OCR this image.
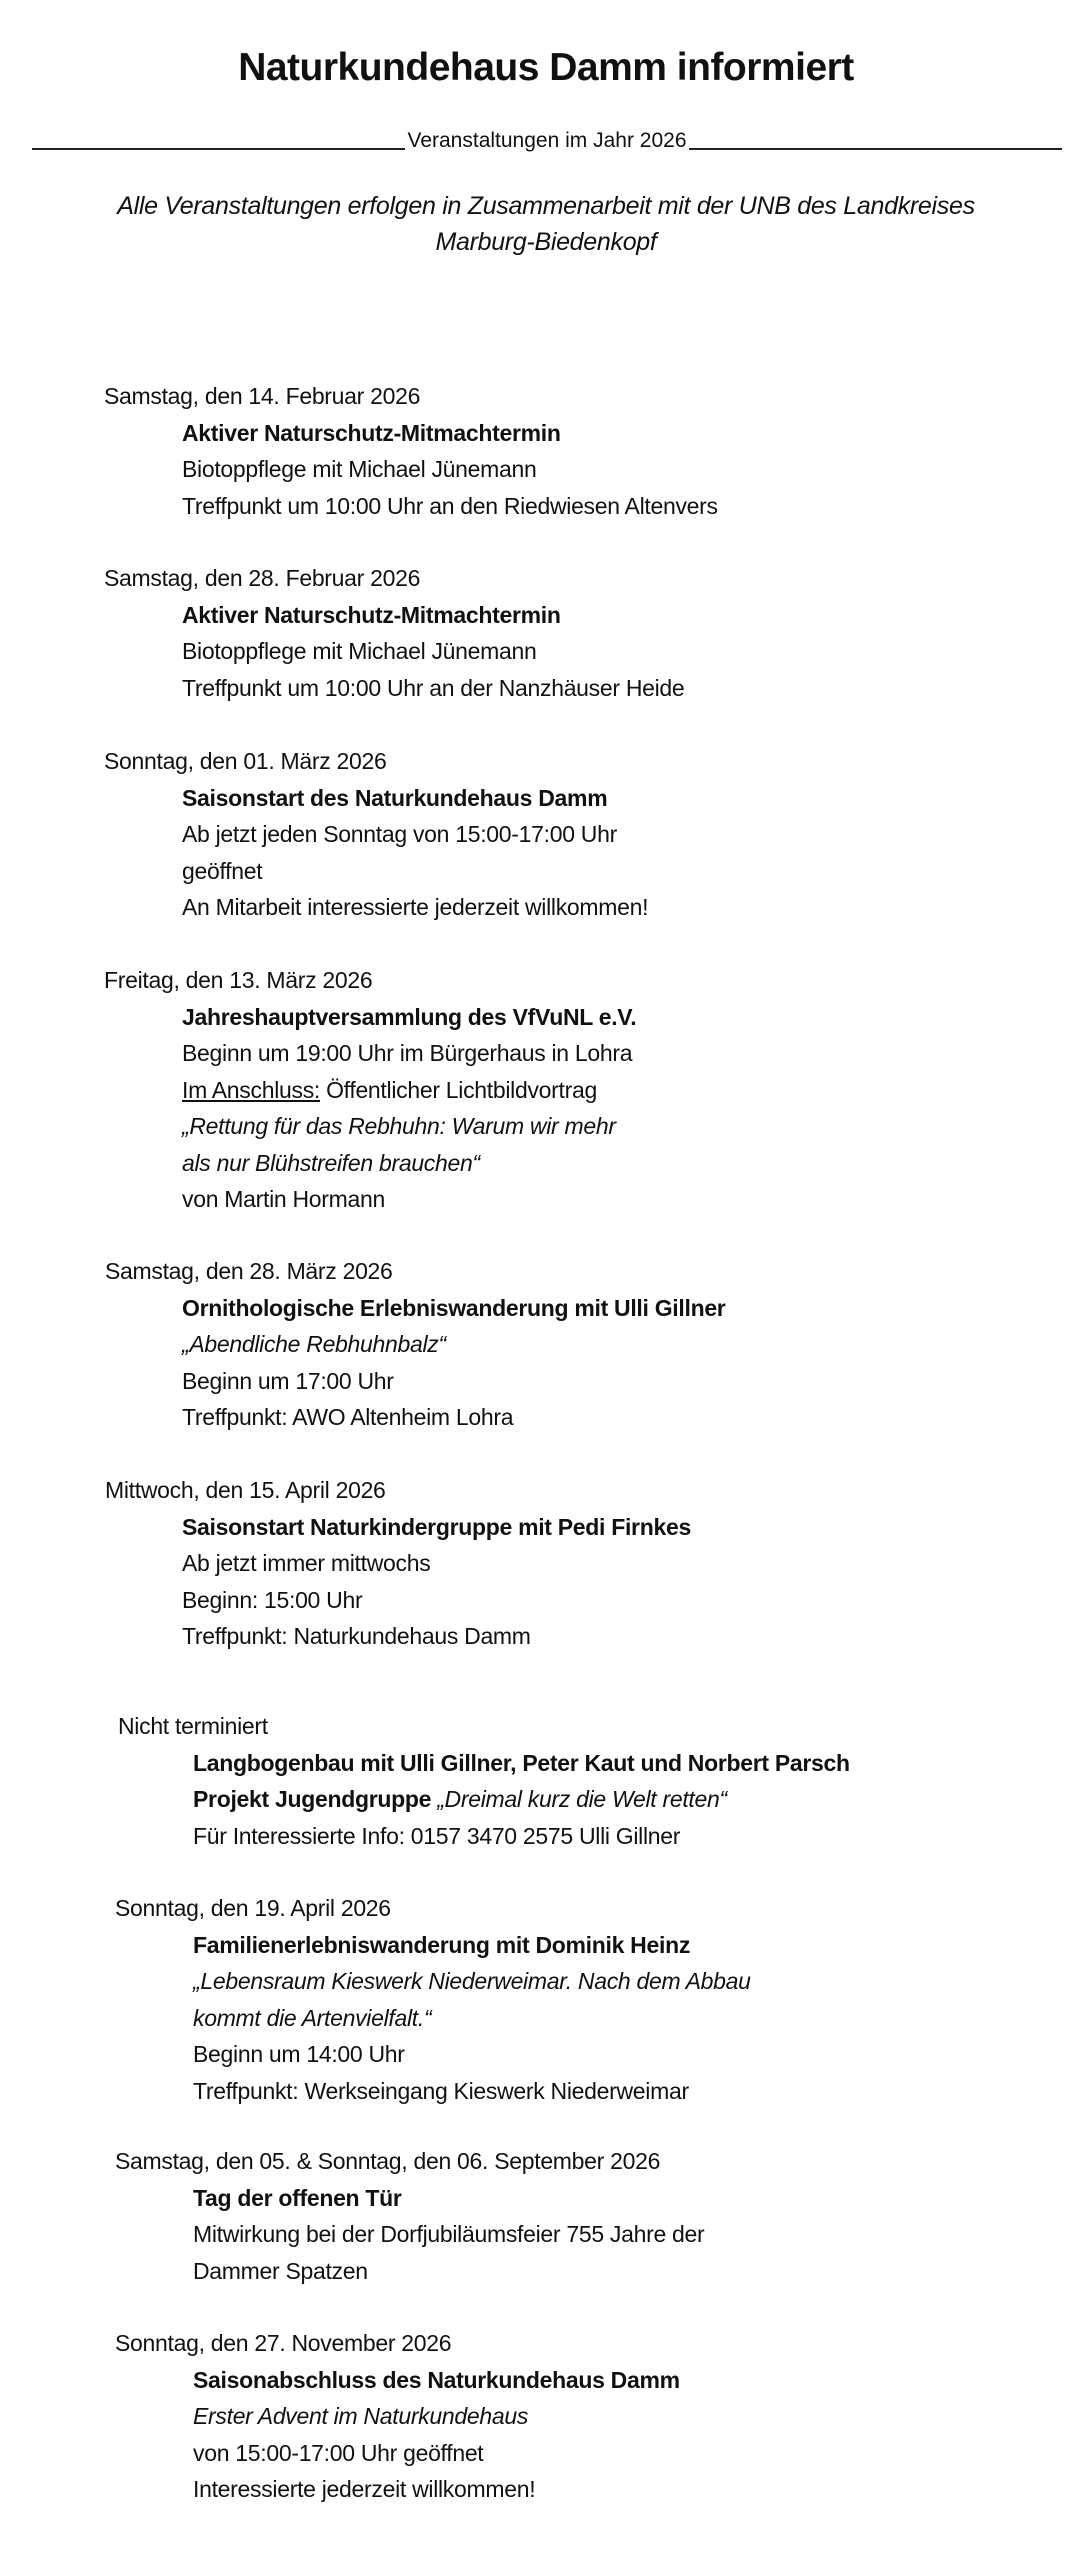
Naturkundehaus Damm informiert
Veranstaltungen im Jahr 2026
Alle Veranstaltungen erfolgen in Zusammenarbeit mit der UNB des Landkreises
Marburg-Biedenkopf
Samstag, den 14. Februar 2026
Aktiver Naturschutz-Mitmachtermin
Biotoppflege mit Michael Jünemann
Treffpunkt um 10:00 Uhr an den Riedwiesen Altenvers
Samstag, den 28. Februar 2026
Aktiver Naturschutz-Mitmachtermin
Biotoppflege mit Michael Jünemann
Treffpunkt um 10:00 Uhr an der Nanzhäuser Heide
Sonntag, den 01. März 2026
Saisonstart des Naturkundehaus Damm
Ab jetzt jeden Sonntag von 15:00-17:00 Uhr
geöffnet
An Mitarbeit interessierte jederzeit willkommen!
Freitag, den 13. März 2026
Jahreshauptversammlung des VfVuNL e.V.
Beginn um 19:00 Uhr im Bürgerhaus in Lohra
Im Anschluss: Öffentlicher Lichtbildvortrag
„Rettung für das Rebhuhn: Warum wir mehr
als nur Blühstreifen brauchen“
von Martin Hormann
Samstag, den 28. März 2026
Ornithologische Erlebniswanderung mit Ulli Gillner
„Abendliche Rebhuhnbalz“
Beginn um 17:00 Uhr
Treffpunkt: AWO Altenheim Lohra
Mittwoch, den 15. April 2026
Saisonstart Naturkindergruppe mit Pedi Firnkes
Ab jetzt immer mittwochs
Beginn: 15:00 Uhr
Treffpunkt: Naturkundehaus Damm
Nicht terminiert
Langbogenbau mit Ulli Gillner, Peter Kaut und Norbert Parsch
Projekt Jugendgruppe „Dreimal kurz die Welt retten“
Für Interessierte Info: 0157 3470 2575 Ulli Gillner
Sonntag, den 19. April 2026
Familienerlebniswanderung mit Dominik Heinz
„Lebensraum Kieswerk Niederweimar. Nach dem Abbau
kommt die Artenvielfalt.“
Beginn um 14:00 Uhr
Treffpunkt: Werkseingang Kieswerk Niederweimar
Samstag, den 05. & Sonntag, den 06. September 2026
Tag der offenen Tür
Mitwirkung bei der Dorfjubiläumsfeier 755 Jahre der
Dammer Spatzen
Sonntag, den 27. November 2026
Saisonabschluss des Naturkundehaus Damm
Erster Advent im Naturkundehaus
von 15:00-17:00 Uhr geöffnet
Interessierte jederzeit willkommen!
